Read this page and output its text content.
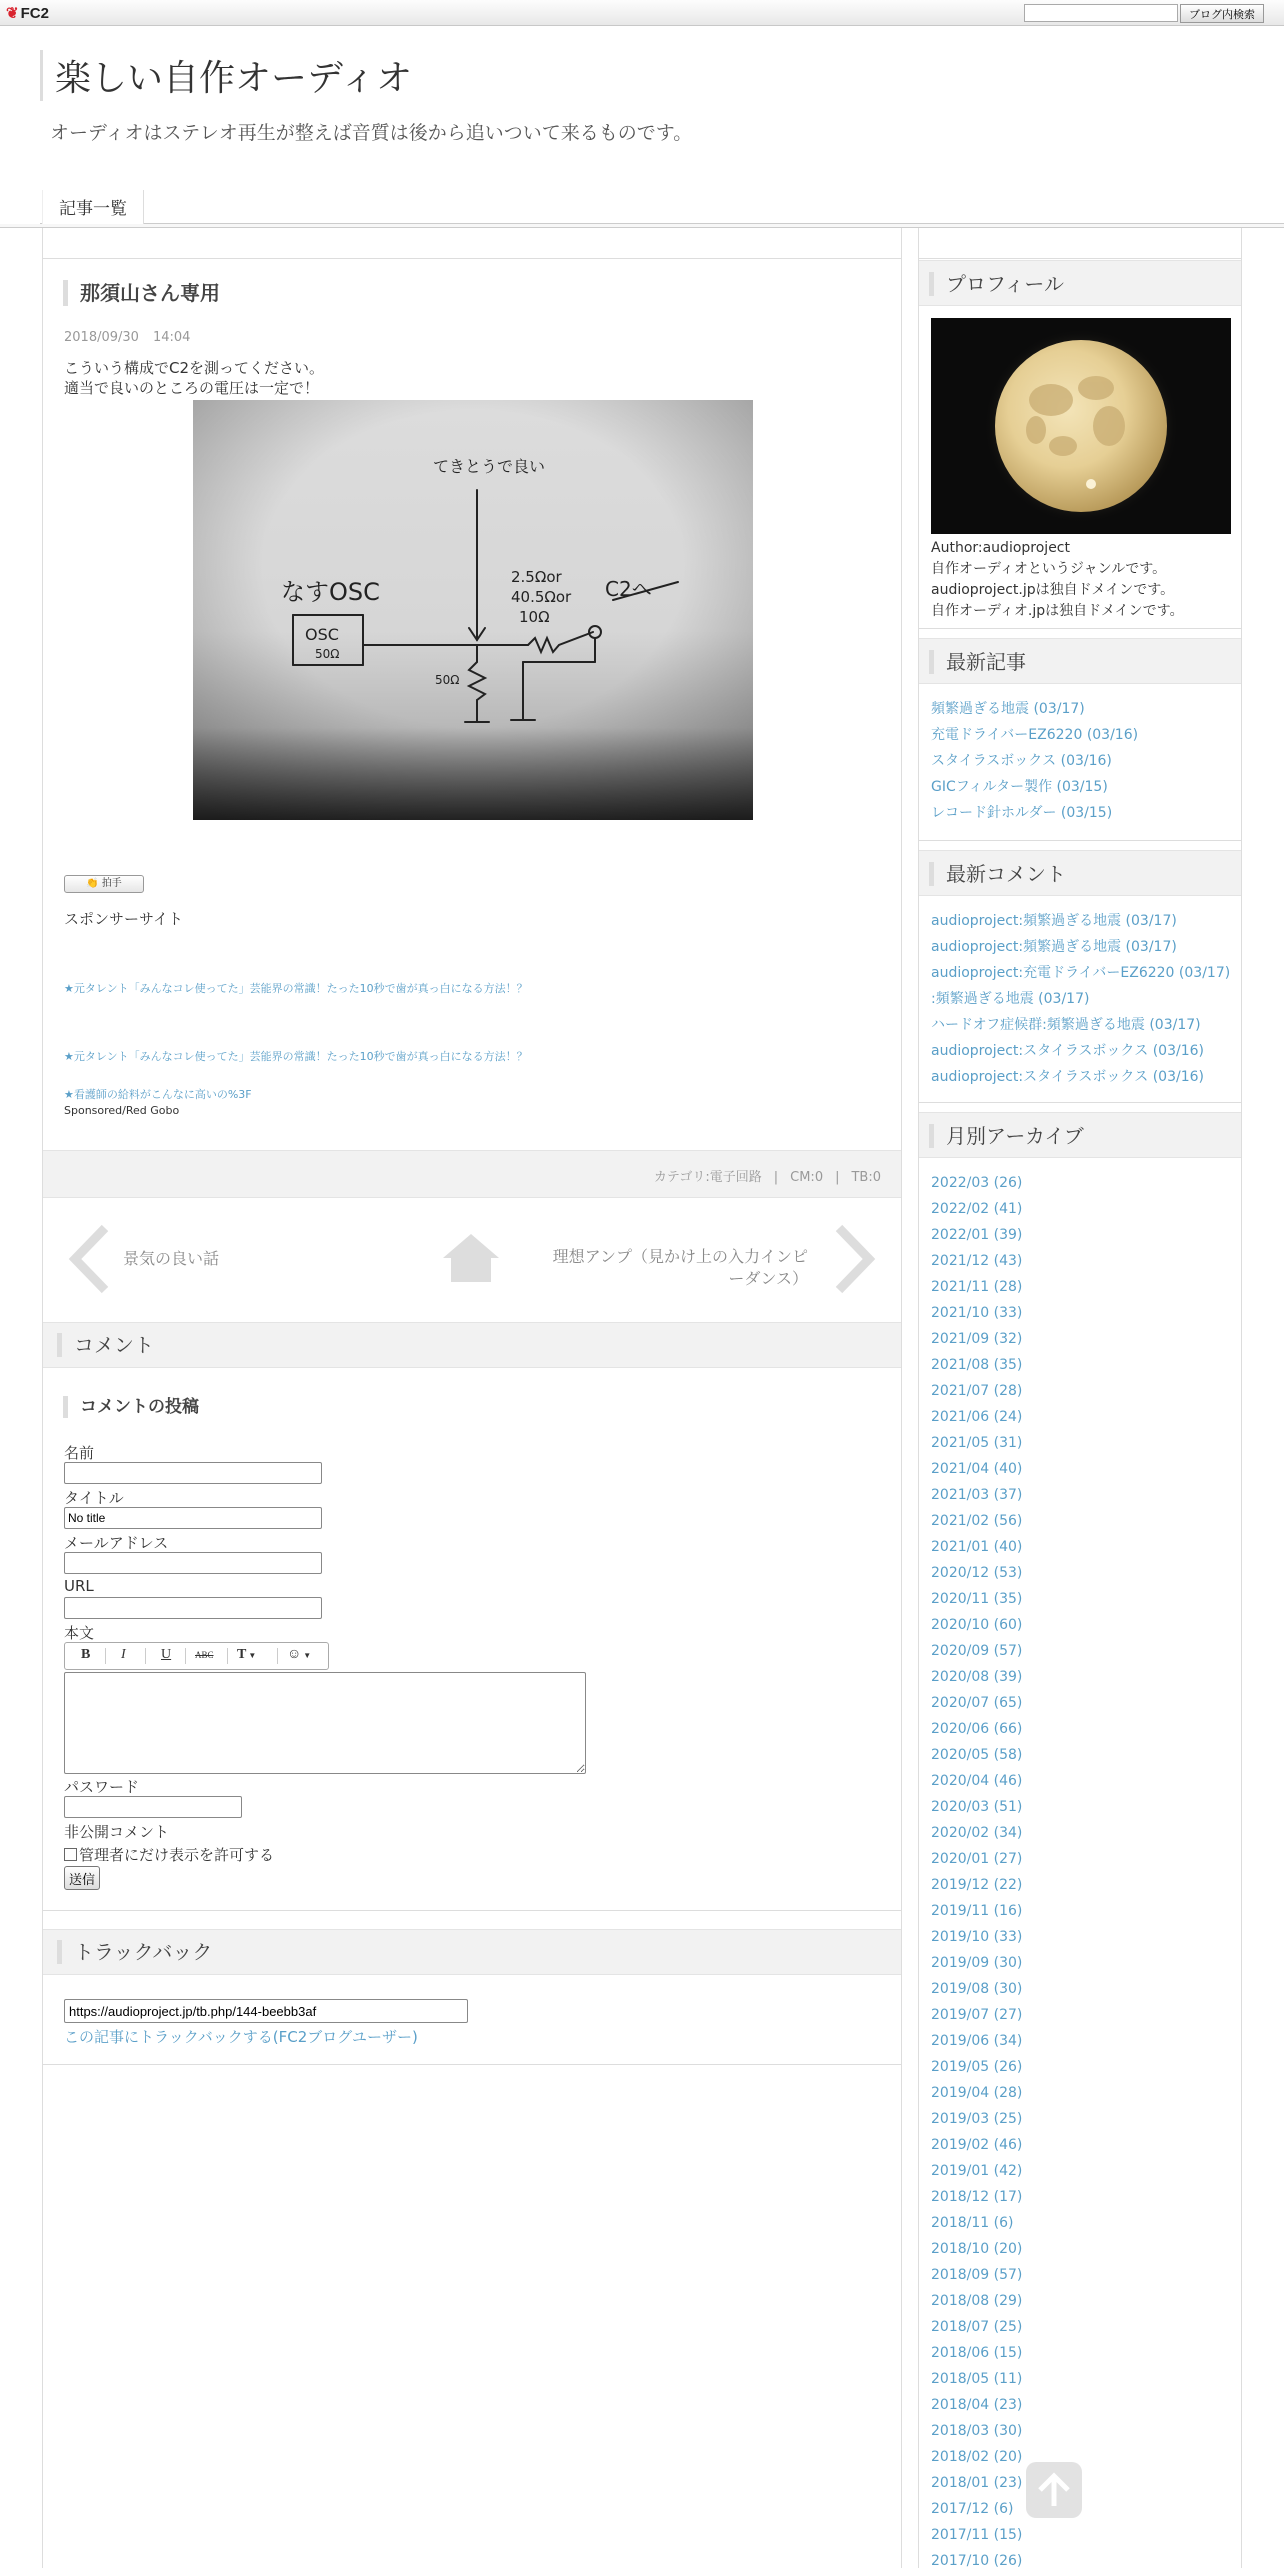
❦ FC2	ブログ内検索
楽しい自作オーディオ
オーディオはステレオ再生が整えば音質は後から追いついて来るものです。
記事一覧
那須山さん専用
2018/09/30 14:04
こういう構成でC2を測ってください。
適当で良いのところの電圧は一定で！
てきとうで良い
なすOSC
OSC
50Ω
2.5Ωor
40.5Ωor
10Ω
C2へ
50Ω
👏 拍手
スポンサーサイト
★元タレント「みんなコレ使ってた」芸能界の常識！たった10秒で歯が真っ白になる方法！？
★元タレント「みんなコレ使ってた」芸能界の常識！たった10秒で歯が真っ白になる方法！？
★看護師の給料がこんなに高いの%3F
Sponsored/Red Gobo
カテゴリ:電子回路 | CM:0 | TB:0
景気の良い話	理想アンプ（見かけ上の入力インピーダンス）
コメント
コメントの投稿
名前
タイトル
No title
メールアドレス
URL
本文
B I	U	ABC T ▼ ☺ ▼
パスワード
非公開コメント
管理者にだけ表示を許可する
送信
トラックバック
https://audioproject.jp/tb.php/144-beebb3af
この記事にトラックバックする(FC2ブログユーザー)
プロフィール
Author:audioproject
自作オーディオというジャンルです。
audioproject.jpは独自ドメインです。
自作オーディオ.jpは独自ドメインです。
最新記事
頻繁過ぎる地震 (03/17)
充電ドライバーEZ6220 (03/16)
スタイラスボックス (03/16)
GICフィルター製作 (03/15)
レコード針ホルダー (03/15)
最新コメント
audioproject:頻繁過ぎる地震 (03/17)
audioproject:頻繁過ぎる地震 (03/17)
audioproject:充電ドライバーEZ6220 (03/17)
:頻繁過ぎる地震 (03/17)
ハードオフ症候群:頻繁過ぎる地震 (03/17)
audioproject:スタイラスボックス (03/16)
audioproject:スタイラスボックス (03/16)
月別アーカイブ
2022/03 (26)
2022/02 (41)
2022/01 (39)
2021/12 (43)
2021/11 (28)
2021/10 (33)
2021/09 (32)
2021/08 (35)
2021/07 (28)
2021/06 (24)
2021/05 (31)
2021/04 (40)
2021/03 (37)
2021/02 (56)
2021/01 (40)
2020/12 (53)
2020/11 (35)
2020/10 (60)
2020/09 (57)
2020/08 (39)
2020/07 (65)
2020/06 (66)
2020/05 (58)
2020/04 (46)
2020/03 (51)
2020/02 (34)
2020/01 (27)
2019/12 (22)
2019/11 (16)
2019/10 (33)
2019/09 (30)
2019/08 (30)
2019/07 (27)
2019/06 (34)
2019/05 (26)
2019/04 (28)
2019/03 (25)
2019/02 (46)
2019/01 (42)
2018/12 (17)
2018/11 (6)
2018/10 (20)
2018/09 (57)
2018/08 (29)
2018/07 (25)
2018/06 (15)
2018/05 (11)
2018/04 (23)
2018/03 (30)
2018/02 (20)
2018/01 (23)
2017/12 (6)
2017/11 (15)
2017/10 (26)
